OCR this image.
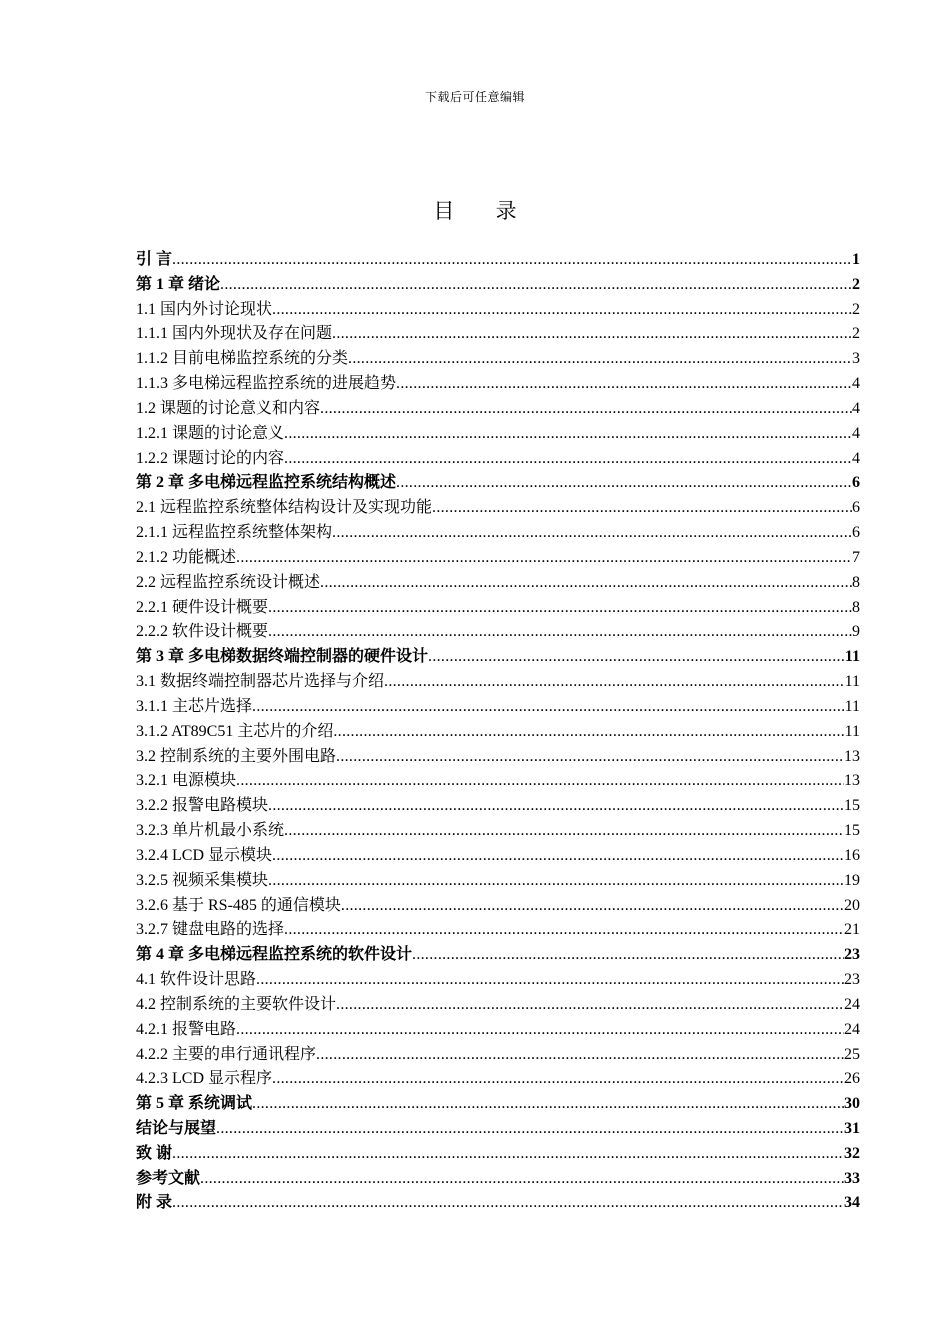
下载后可任意编辑
目 录
引 言 .....	1
第 1 章 绪论 .....	2
1.1 国内外讨论现状 .....	2
1.1.1 国内外现状及存在问题 .....	2
1.1.2 目前电梯监控系统的分类 .....	3
1.1.3 多电梯远程监控系统的进展趋势 .....	4
1.2 课题的讨论意义和内容 .....	4
1.2.1 课题的讨论意义 .....	4
1.2.2 课题讨论的内容 .....	4
第 2 章 多电梯远程监控系统结构概述 .....	6
2.1 远程监控系统整体结构设计及实现功能 .....	6
2.1.1 远程监控系统整体架构 .....	6
2.1.2 功能概述 .....	7
2.2 远程监控系统设计概述 .....	8
2.2.1 硬件设计概要 .....	8
2.2.2 软件设计概要 .....	9
第 3 章 多电梯数据终端控制器的硬件设计 .....	11
3.1 数据终端控制器芯片选择与介绍 .....	11
3.1.1 主芯片选择 .....	11
3.1.2 AT89C51 主芯片的介绍 .....	11
3.2 控制系统的主要外围电路 .....	13
3.2.1 电源模块 .....	13
3.2.2 报警电路模块 .....	15
3.2.3 单片机最小系统 .....	15
3.2.4 LCD 显示模块 .....	16
3.2.5 视频采集模块 .....	19
3.2.6 基于 RS-485 的通信模块 .....	20
3.2.7 键盘电路的选择 .....	21
第 4 章 多电梯远程监控系统的软件设计 .....	23
4.1 软件设计思路 .....	23
4.2 控制系统的主要软件设计 .....	24
4.2.1 报警电路 .....	24
4.2.2 主要的串行通讯程序 .....	25
4.2.3 LCD 显示程序 .....	26
第 5 章 系统调试 .....	30
结论与展望 .....	31
致 谢 .....	32
参考文献 .....	33
附 录 .....	34
